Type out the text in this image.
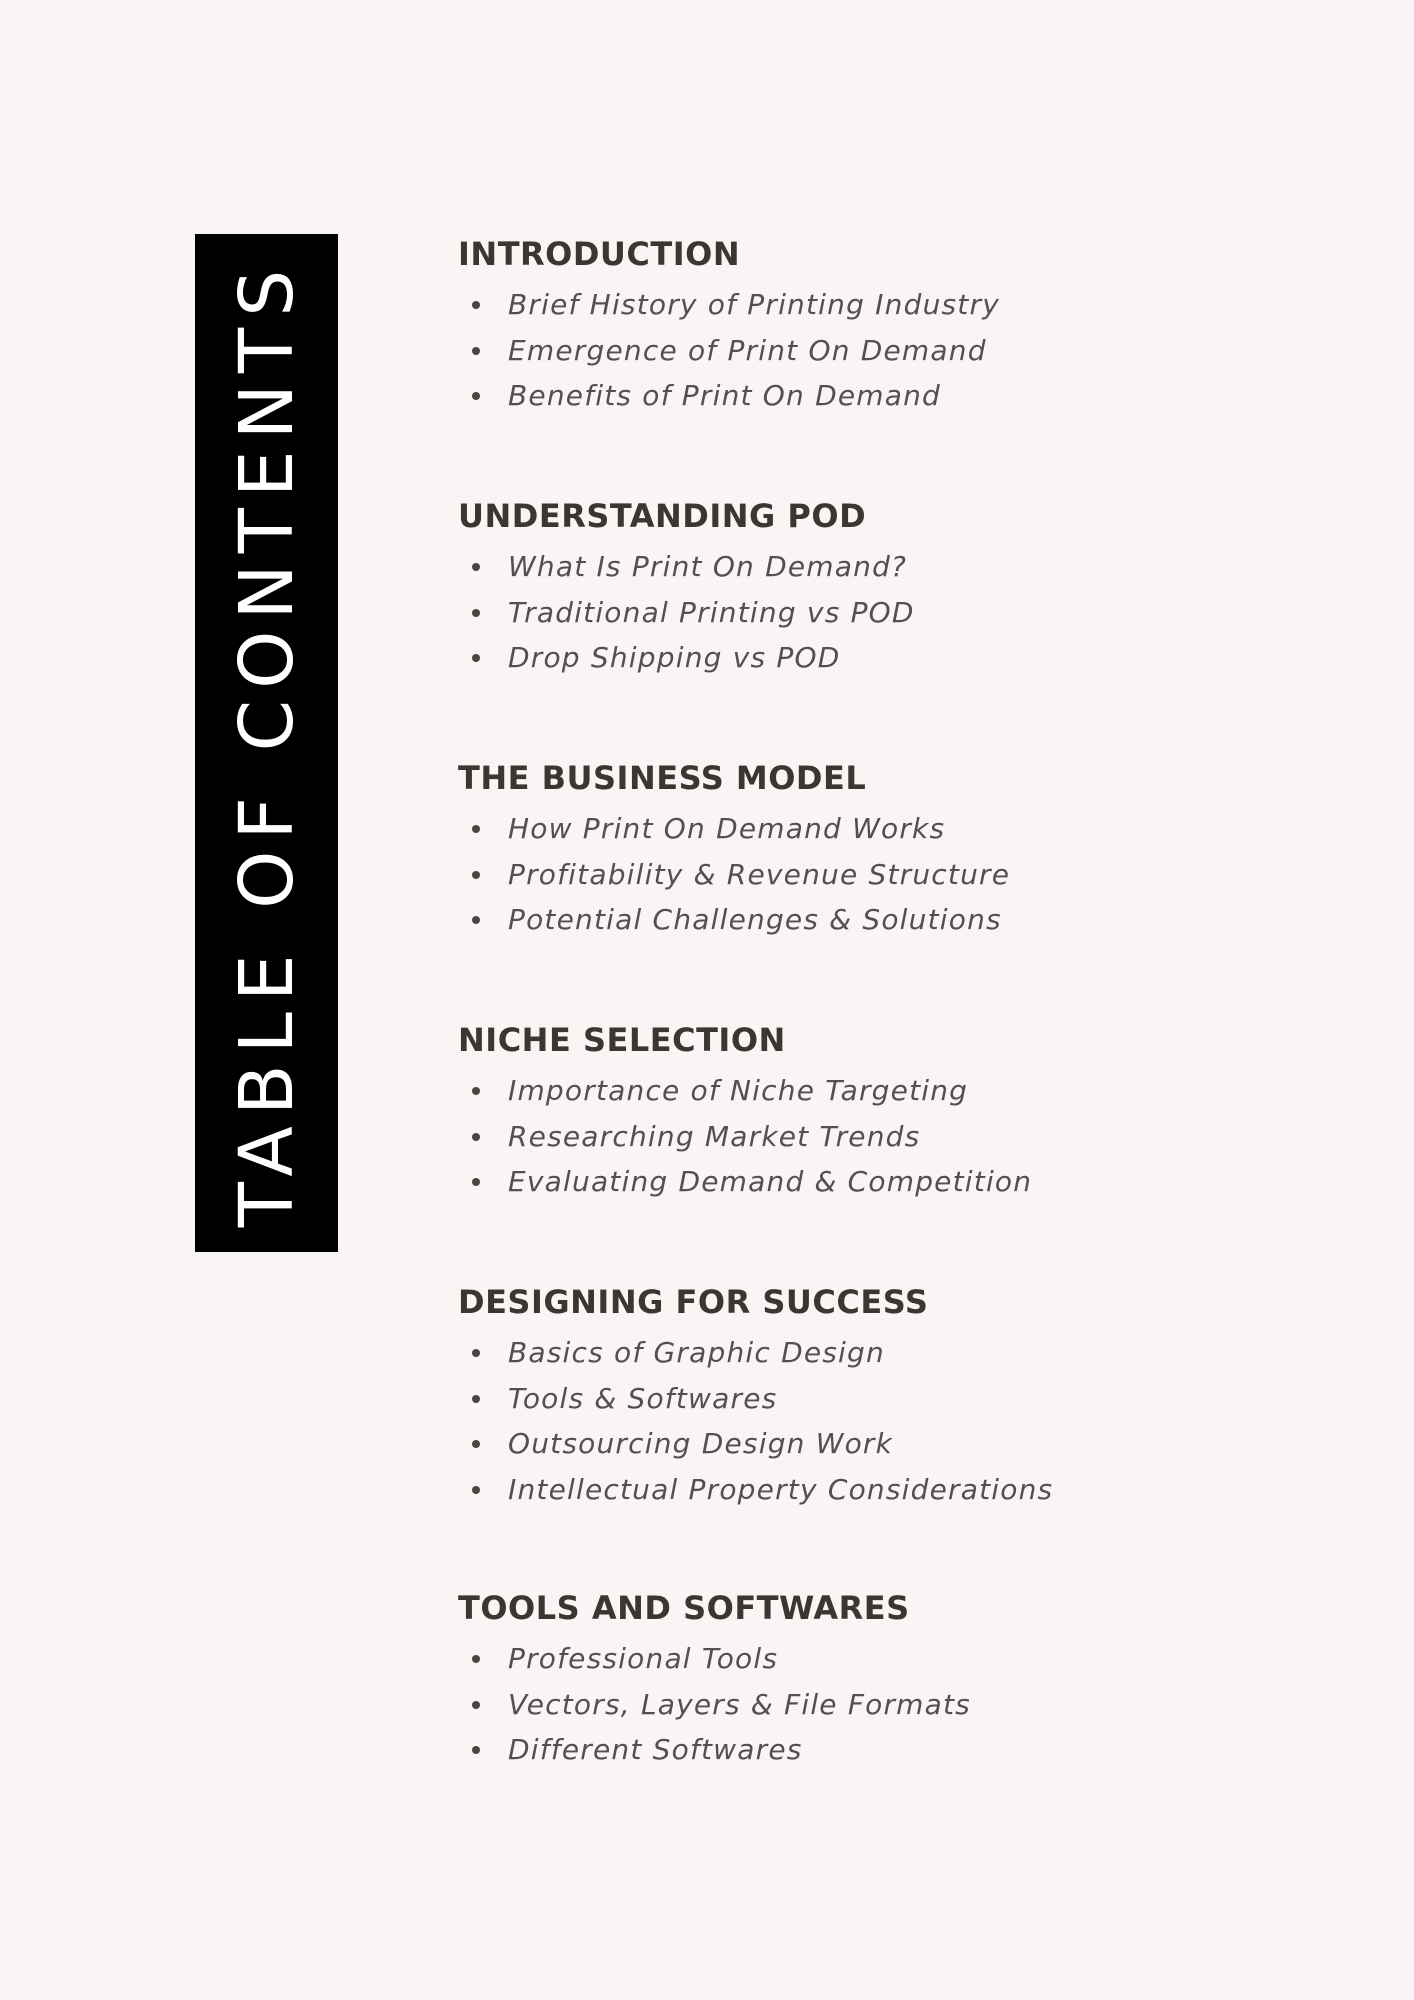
TABLE OF CONTENTS
INTRODUCTION
Brief History of Printing Industry
Emergence of Print On Demand
Benefits of Print On Demand
UNDERSTANDING POD
What Is Print On Demand?
Traditional Printing vs POD
Drop Shipping vs POD
THE BUSINESS MODEL
How Print On Demand Works
Profitability & Revenue Structure
Potential Challenges & Solutions
NICHE SELECTION
Importance of Niche Targeting
Researching Market Trends
Evaluating Demand & Competition
DESIGNING FOR SUCCESS
Basics of Graphic Design
Tools & Softwares
Outsourcing Design Work
Intellectual Property Considerations
TOOLS AND SOFTWARES
Professional Tools
Vectors, Layers & File Formats
Different Softwares
